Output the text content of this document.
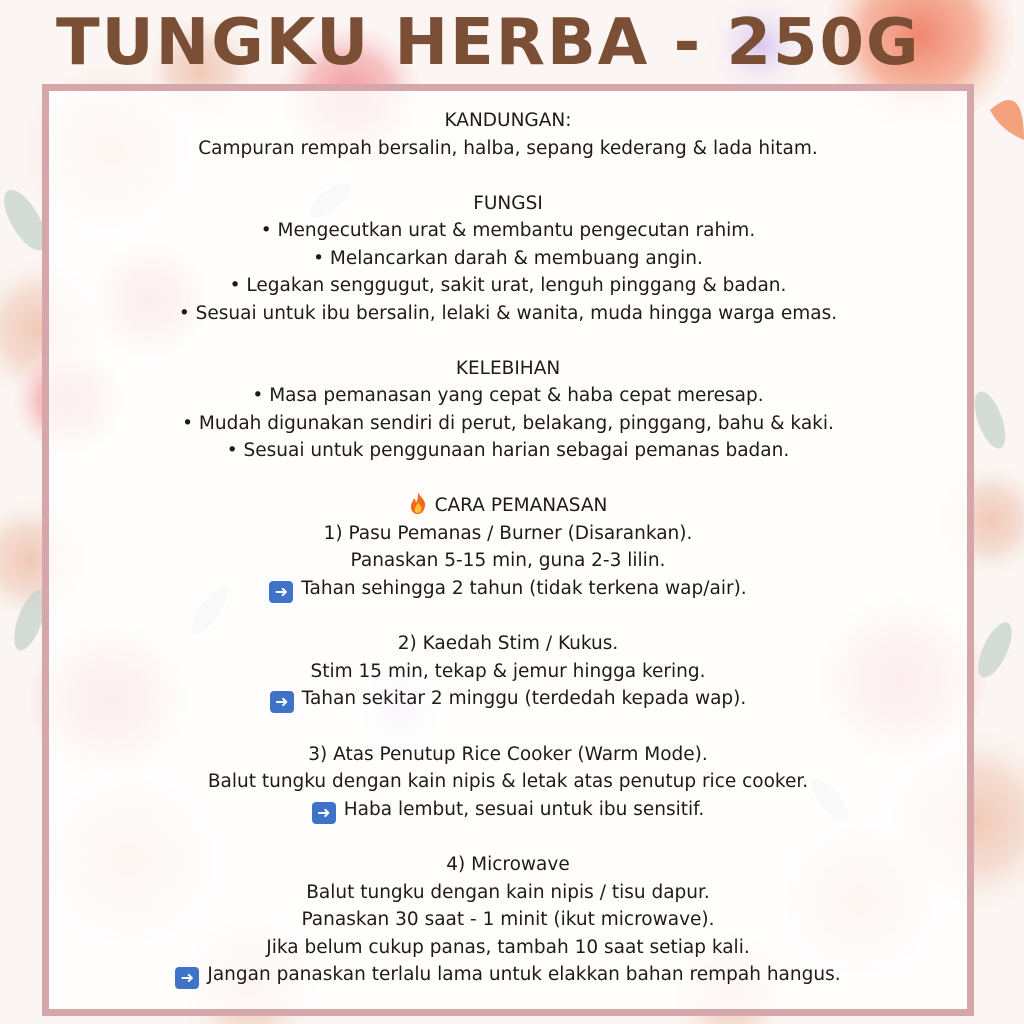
TUNGKU HERBA - 250G
KANDUNGAN:
Campuran rempah bersalin, halba, sepang kederang & lada hitam.
FUNGSI
• Mengecutkan urat & membantu pengecutan rahim.
• Melancarkan darah & membuang angin.
• Legakan senggugut, sakit urat, lenguh pinggang & badan.
• Sesuai untuk ibu bersalin, lelaki & wanita, muda hingga warga emas.
KELEBIHAN
• Masa pemanasan yang cepat & haba cepat meresap.
• Mudah digunakan sendiri di perut, belakang, pinggang, bahu & kaki.
• Sesuai untuk penggunaan harian sebagai pemanas badan.
CARA PEMANASAN
1) Pasu Pemanas / Burner (Disarankan).
Panaskan 5-15 min, guna 2-3 lilin.
➜ Tahan sehingga 2 tahun (tidak terkena wap/air).
2) Kaedah Stim / Kukus.
Stim 15 min, tekap & jemur hingga kering.
➜ Tahan sekitar 2 minggu (terdedah kepada wap).
3) Atas Penutup Rice Cooker (Warm Mode).
Balut tungku dengan kain nipis & letak atas penutup rice cooker.
➜ Haba lembut, sesuai untuk ibu sensitif.
4) Microwave
Balut tungku dengan kain nipis / tisu dapur.
Panaskan 30 saat - 1 minit (ikut microwave).
Jika belum cukup panas, tambah 10 saat setiap kali.
➜ Jangan panaskan terlalu lama untuk elakkan bahan rempah hangus.
